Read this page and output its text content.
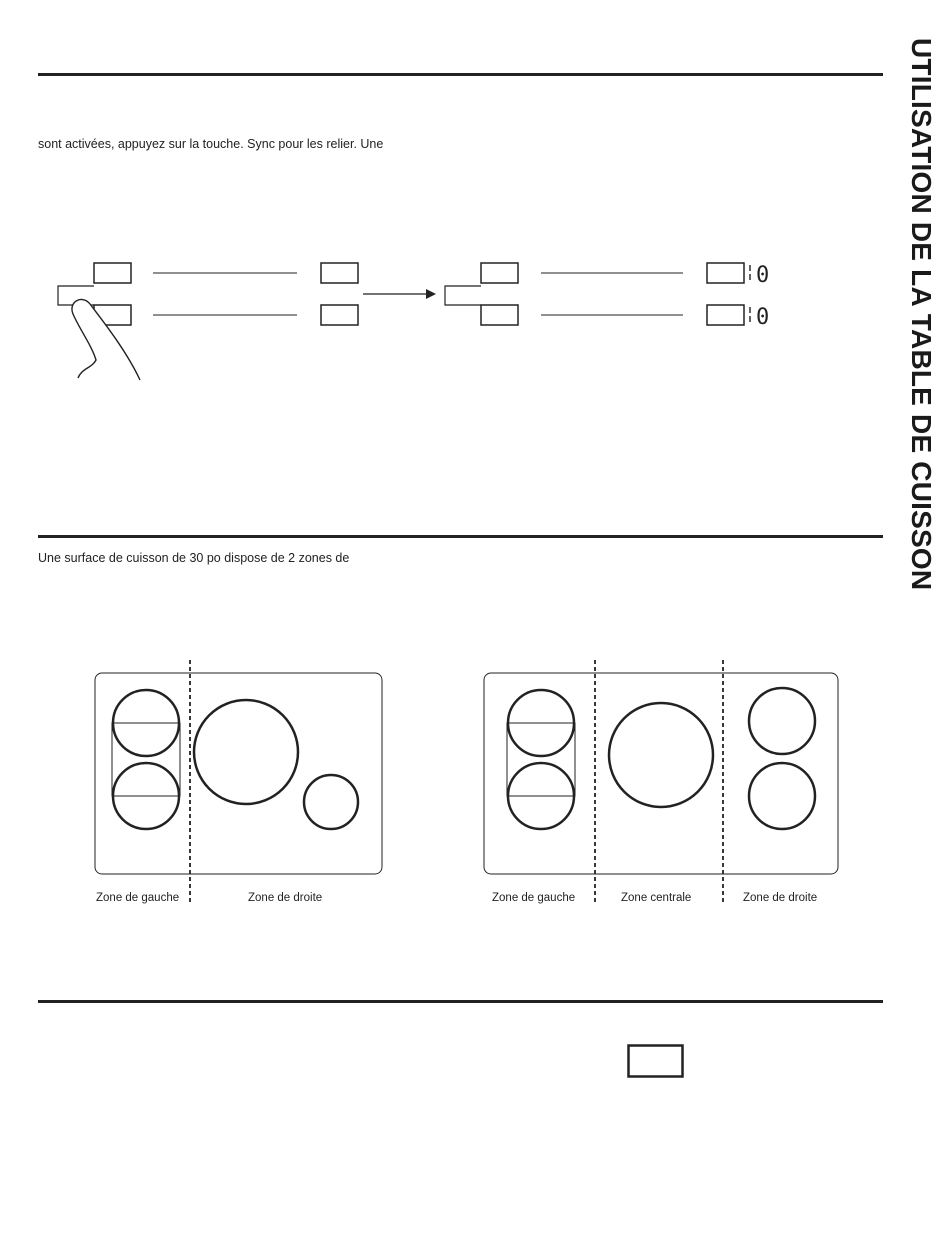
UTILISATION DE LA TABLE DE CUISSON
sont activées, appuyez sur la touche. Sync pour les relier. Une
Une surface de cuisson de 30 po dispose de 2 zones de
0
0
Zone de gauche	Zone de droite	Zone de gauche	Zone centrale	Zone de droite
